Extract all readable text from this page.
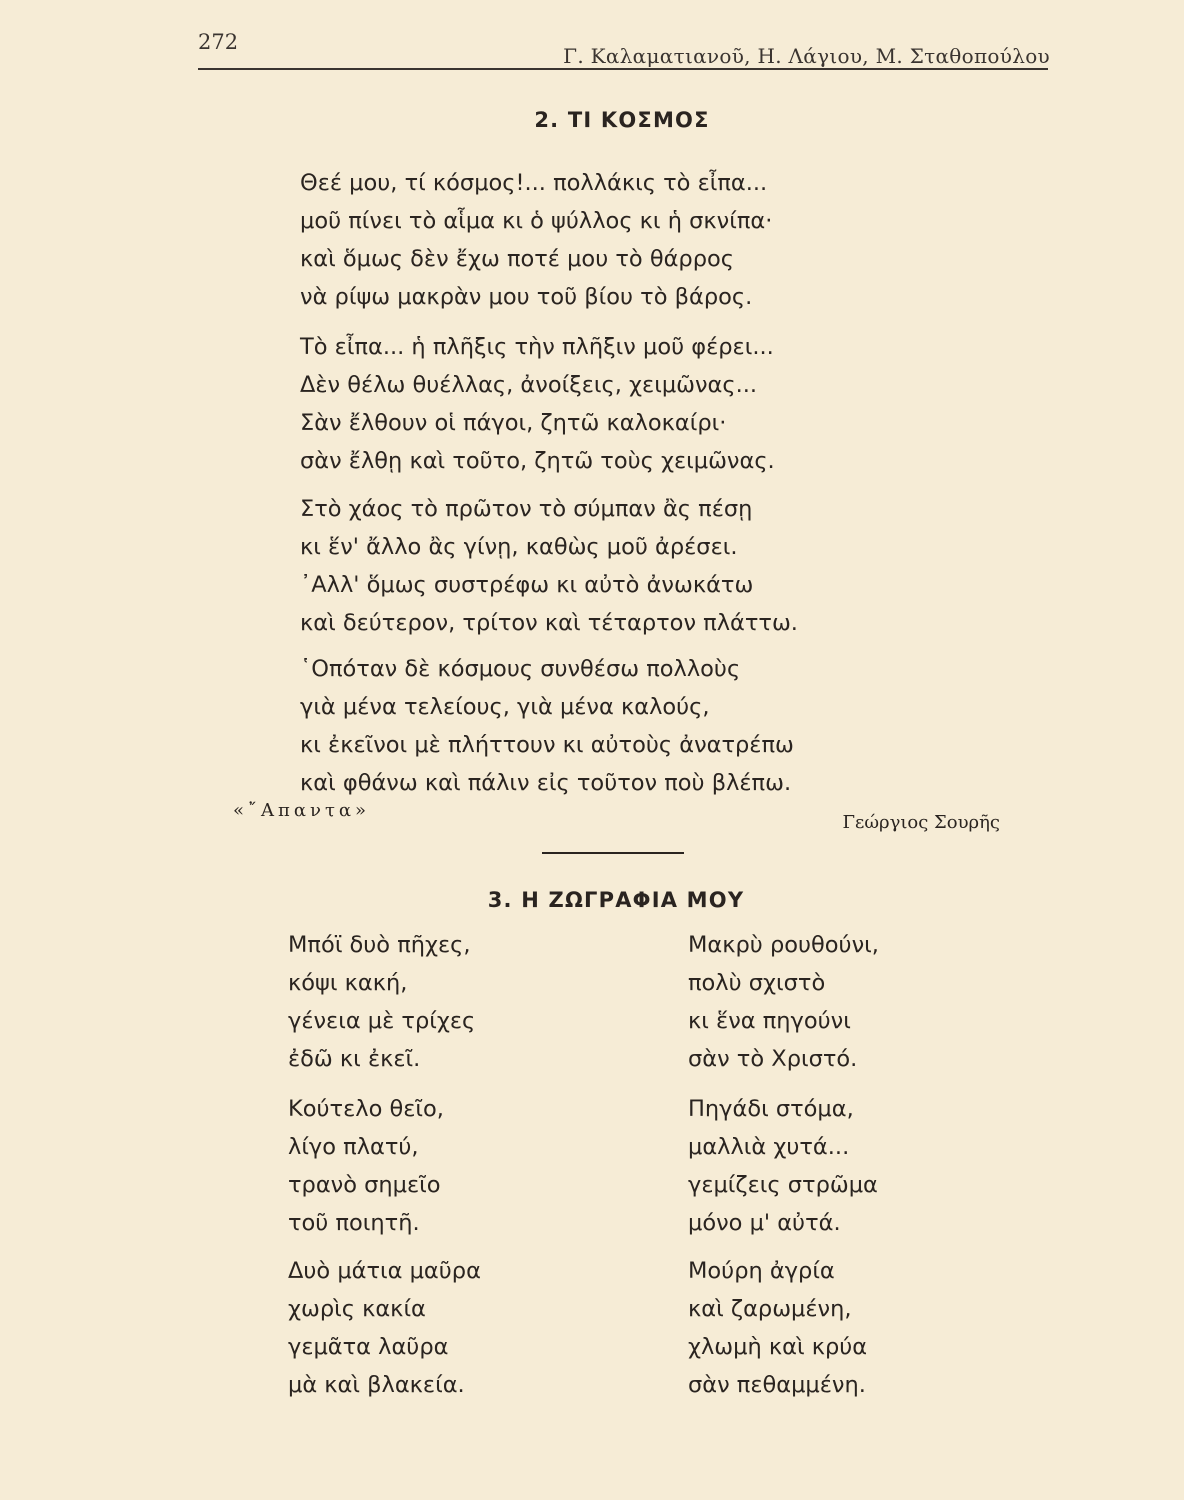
272
Γ. Καλαματιανοῦ, Η. Λάγιου, Μ. Σταθοπούλου
2. ΤΙ ΚΟΣΜΟΣ
Θεέ μου, τί κόσμος!... πολλάκις τὸ εἶπα...
μοῦ πίνει τὸ αἷμα κι ὁ ψύλλος κι ἡ σκνίπα·
καὶ ὅμως δὲν ἔχω ποτέ μου τὸ θάρρος
νὰ ρίψω μακρὰν μου τοῦ βίου τὸ βάρος.
Τὸ εἶπα... ἡ πλῆξις τὴν πλῆξιν μοῦ φέρει...
Δὲν θέλω θυέλλας, ἀνοίξεις, χειμῶνας...
Σὰν ἔλθουν οἱ πάγοι, ζητῶ καλοκαίρι·
σὰν ἔλθῃ καὶ τοῦτο, ζητῶ τοὺς χειμῶνας.
Στὸ χάος τὸ πρῶτον τὸ σύμπαν ἂς πέσῃ
κι ἕν' ἄλλο ἂς γίνῃ, καθὼς μοῦ ἀρέσει.
᾽Αλλ' ὅμως συστρέφω κι αὐτὸ ἀνωκάτω
καὶ δεύτερον, τρίτον καὶ τέταρτον πλάττω.
῾Οπόταν δὲ κόσμους συνθέσω πολλοὺς
γιὰ μένα τελείους, γιὰ μένα καλούς,
κι ἐκεῖνοι μὲ πλήττουν κι αὐτοὺς ἀνατρέπω
καὶ φθάνω καὶ πάλιν εἰς τοῦτον ποὺ βλέπω.
«῎Απαντα»
Γεώργιος Σουρῆς
3. Η ΖΩΓΡΑΦΙΑ ΜΟΥ
Μπόϊ δυὸ πῆχες,
κόψι κακή,
γένεια μὲ τρίχες
ἐδῶ κι ἐκεῖ.
Κούτελο θεῖο,
λίγο πλατύ,
τρανὸ σημεῖο
τοῦ ποιητῆ.
Δυὸ μάτια μαῦρα
χωρὶς κακία
γεμᾶτα λαῦρα
μὰ καὶ βλακεία.
Μακρὺ ρουθούνι,
πολὺ σχιστὸ
κι ἕνα πηγούνι
σὰν τὸ Χριστό.
Πηγάδι στόμα,
μαλλιὰ χυτά...
γεμίζεις στρῶμα
μόνο μ' αὐτά.
Μούρη ἀγρία
καὶ ζαρωμένη,
χλωμὴ καὶ κρύα
σὰν πεθαμμένη.
